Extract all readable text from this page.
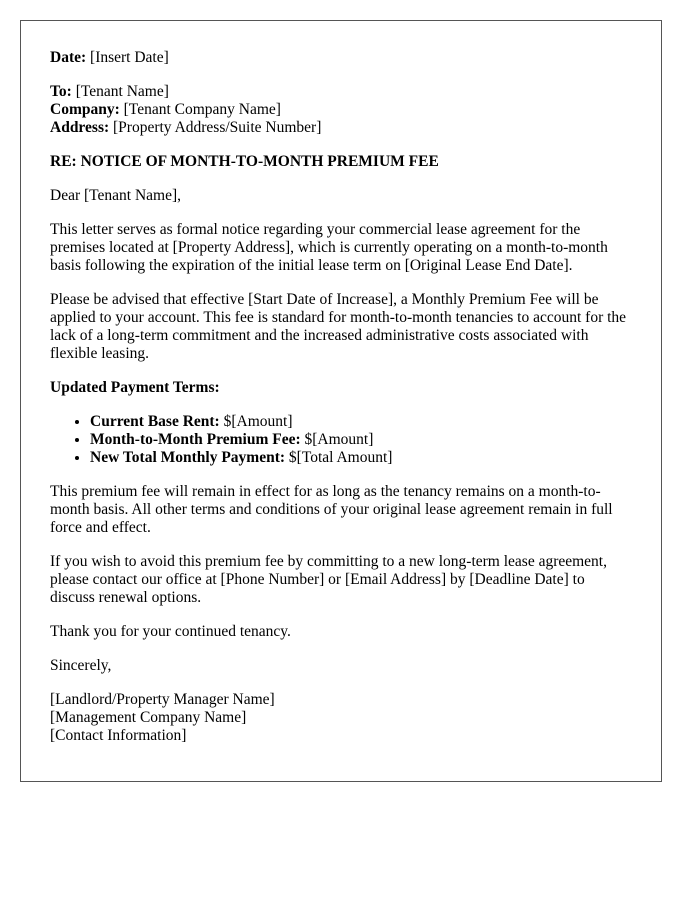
Date: [Insert Date]

To: [Tenant Name]

Company: [Tenant Company Name]

Address: [Property Address/Suite Number]

RE: NOTICE OF MONTH-TO-MONTH PREMIUM FEE

Dear [Tenant Name],

This letter serves as formal notice regarding your commercial lease agreement for the premises located at [Property Address], which is currently operating on a month-to-month basis following the expiration of the initial lease term on [Original Lease End Date].

Please be advised that effective [Start Date of Increase], a Monthly Premium Fee will be applied to your account. This fee is standard for month-to-month tenancies to account for the lack of a long-term commitment and the increased administrative costs associated with flexible leasing.

Updated Payment Terms:

• Current Base Rent: $[Amount]
• Month-to-Month Premium Fee: $[Amount]
• New Total Monthly Payment: $[Total Amount]

This premium fee will remain in effect for as long as the tenancy remains on a month-to-month basis. All other terms and conditions of your original lease agreement remain in full force and effect.

If you wish to avoid this premium fee by committing to a new long-term lease agreement, please contact our office at [Phone Number] or [Email Address] by [Deadline Date] to discuss renewal options.

Thank you for your continued tenancy.

Sincerely,

[Landlord/Property Manager Name]

[Management Company Name]

[Contact Information]
